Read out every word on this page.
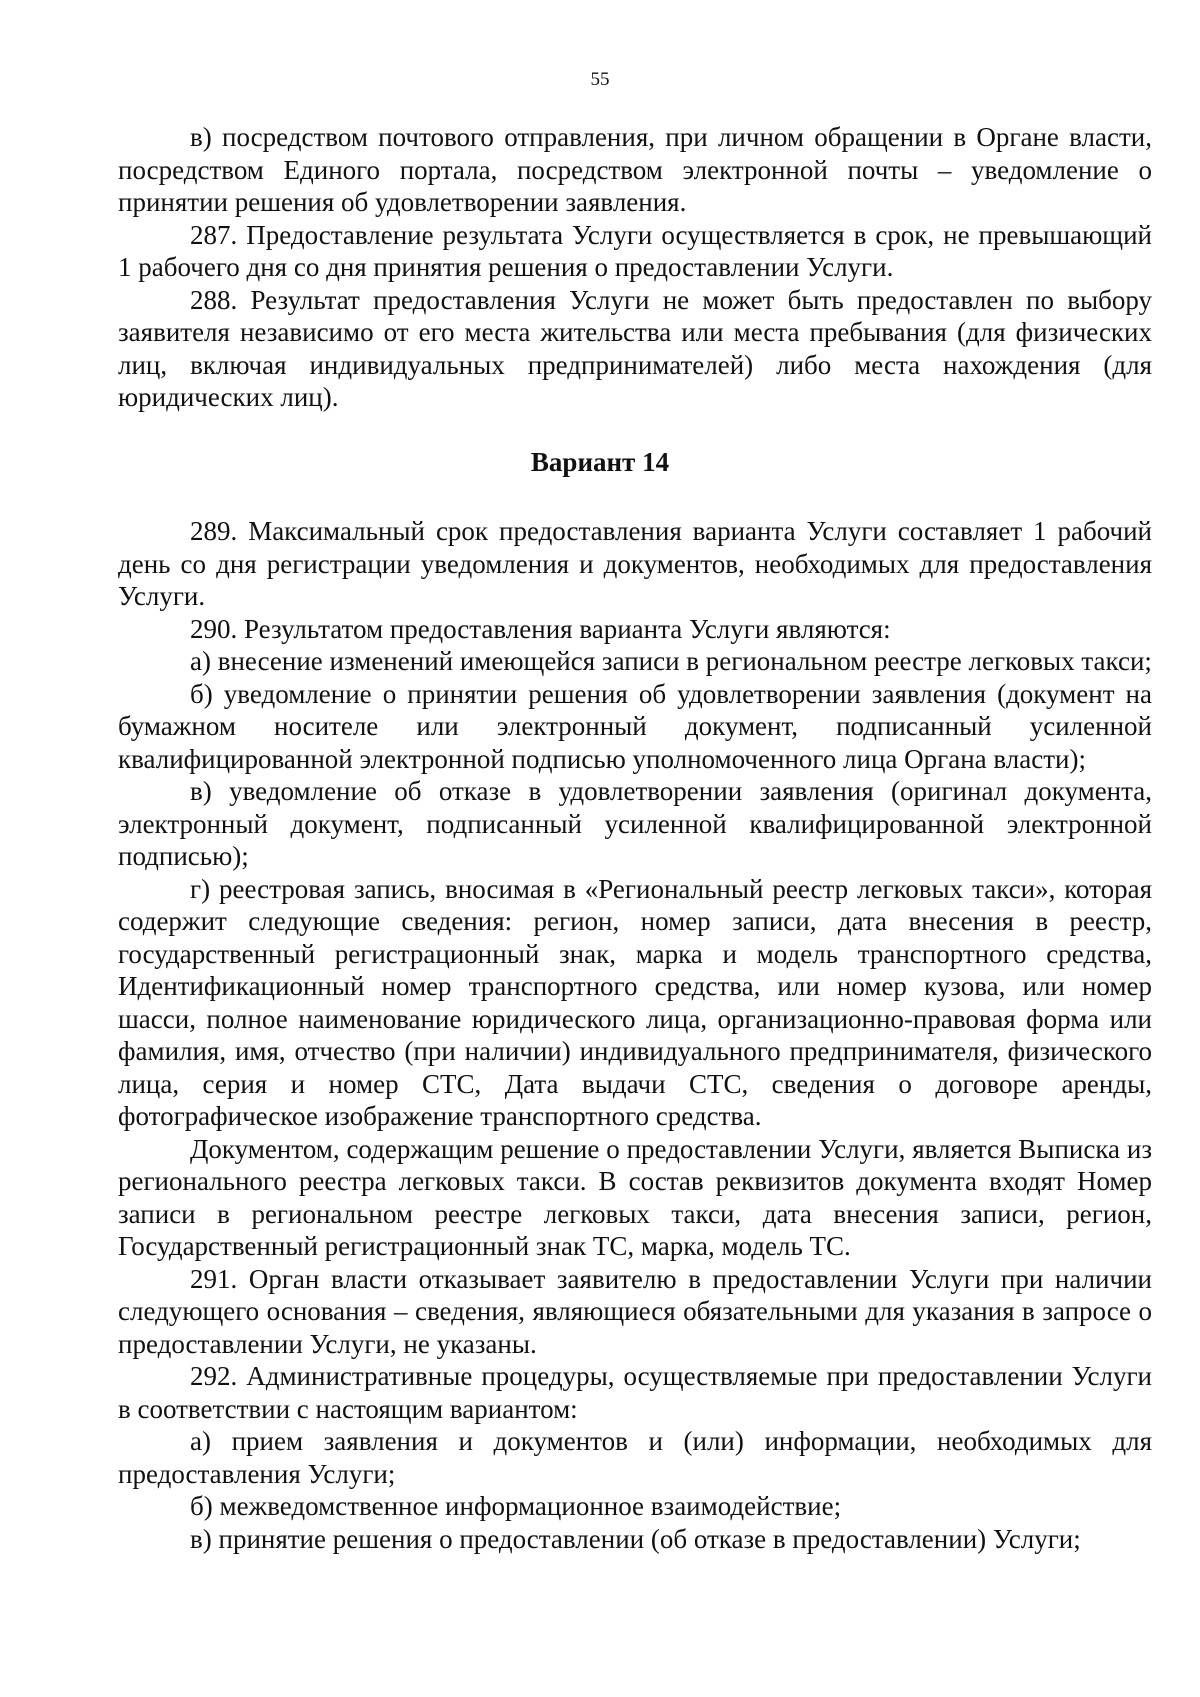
55

в) посредством почтового отправления, при личном обращении в Органе власти, посредством Единого портала, посредством электронной почты – уведомление о принятии решения об удовлетворении заявления.

287. Предоставление результата Услуги осуществляется в срок, не превышающий 1 рабочего дня со дня принятия решения о предоставлении Услуги.

288. Результат предоставления Услуги не может быть предоставлен по выбору заявителя независимо от его места жительства или места пребывания (для физических лиц, включая индивидуальных предпринимателей) либо места нахождения (для юридических лиц).

Вариант 14

289. Максимальный срок предоставления варианта Услуги составляет 1 рабочий день со дня регистрации уведомления и документов, необходимых для предоставления Услуги.

290. Результатом предоставления варианта Услуги являются:

а) внесение изменений имеющейся записи в региональном реестре легковых такси;

б) уведомление о принятии решения об удовлетворении заявления (документ на бумажном носителе или электронный документ, подписанный усиленной квалифицированной электронной подписью уполномоченного лица Органа власти);

в) уведомление об отказе в удовлетворении заявления (оригинал документа, электронный документ, подписанный усиленной квалифицированной электронной подписью);

г) реестровая запись, вносимая в «Региональный реестр легковых такси», которая содержит следующие сведения: регион, номер записи, дата внесения в реестр, государственный регистрационный знак, марка и модель транспортного средства, Идентификационный номер транспортного средства, или номер кузова, или номер шасси, полное наименование юридического лица, организационно-правовая форма или фамилия, имя, отчество (при наличии) индивидуального предпринимателя, физического лица, серия и номер СТС, Дата выдачи СТС, сведения о договоре аренды, фотографическое изображение транспортного средства.

Документом, содержащим решение о предоставлении Услуги, является Выписка из регионального реестра легковых такси. В состав реквизитов документа входят Номер записи в региональном реестре легковых такси, дата внесения записи, регион, Государственный регистрационный знак ТС, марка, модель ТС.

291. Орган власти отказывает заявителю в предоставлении Услуги при наличии следующего основания – сведения, являющиеся обязательными для указания в запросе о предоставлении Услуги, не указаны.

292. Административные процедуры, осуществляемые при предоставлении Услуги в соответствии с настоящим вариантом:

а) прием заявления и документов и (или) информации, необходимых для предоставления Услуги;

б) межведомственное информационное взаимодействие;

в) принятие решения о предоставлении (об отказе в предоставлении) Услуги;
